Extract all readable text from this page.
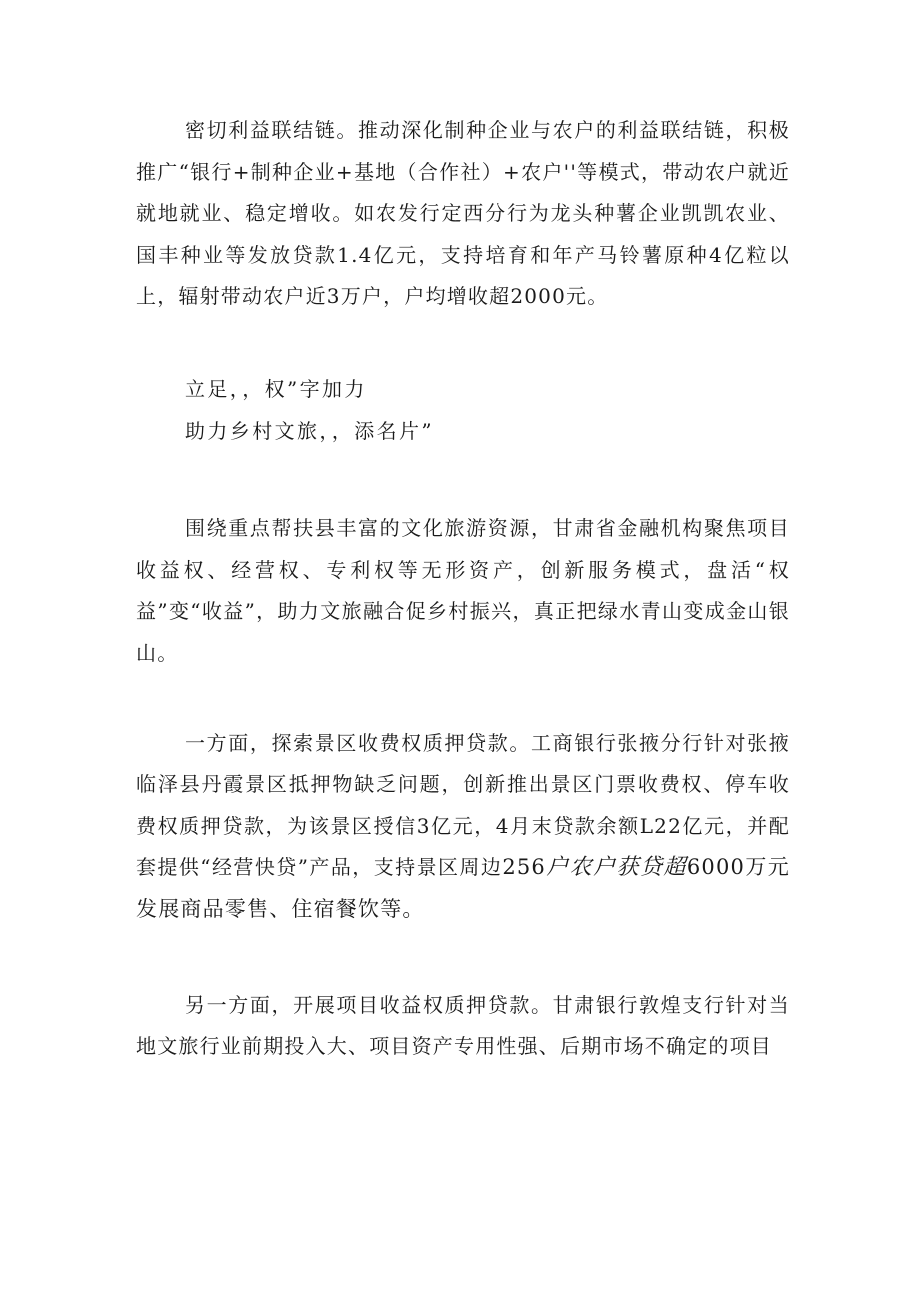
密切利益联结链。推动深化制种企业与农户的利益联结链，积极推广“银行+制种企业+基地（合作社）+农户''等模式，带动农户就近就地就业、稳定增收。如农发行定西分行为龙头种薯企业凯凯农业、国丰种业等发放贷款1.4亿元，支持培育和年产马铃薯原种4亿粒以上，辐射带动农户近3万户，户均增收超2000元。

立足，，权”字加力

助力乡村文旅，，添名片”

围绕重点帮扶县丰富的文化旅游资源，甘肃省金融机构聚焦项目收益权、经营权、专利权等无形资产，创新服务模式，盘活“权益”变“收益”，助力文旅融合促乡村振兴，真正把绿水青山变成金山银山。

一方面，探索景区收费权质押贷款。工商银行张掖分行针对张掖临泽县丹霞景区抵押物缺乏问题，创新推出景区门票收费权、停车收费权质押贷款，为该景区授信3亿元，4月末贷款余额L22亿元，并配套提供“经营快贷”产品，支持景区周边256户农户获贷超6000万元发展商品零售、住宿餐饮等。

另一方面，开展项目收益权质押贷款。甘肃银行敦煌支行针对当地文旅行业前期投入大、项目资产专用性强、后期市场不确定的项目
